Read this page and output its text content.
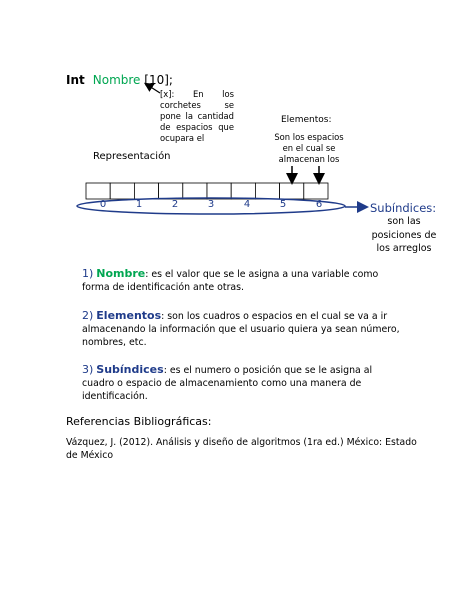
Int Nombre [10];
[x]: En los corchetes se pone la cantidad de espacios que ocupara el
Elementos:
Son los espacios en el cual se almacenan los
Representación
0	1	2	3	4	5	6	Subíndices:
son las posiciones de los arreglos
1) Nombre: es el valor que se le asigna a una variable como forma de identificación ante otras.
2) Elementos: son los cuadros o espacios en el cual se va a ir almacenando la información que el usuario quiera ya sean número, nombres, etc.
3) Subíndices: es el numero o posición que se le asigna al cuadro o espacio de almacenamiento como una manera de identificación.
Referencias Bibliográficas:
Vázquez, J. (2012). Análisis y diseño de algoritmos (1ra ed.) México: Estado de México
